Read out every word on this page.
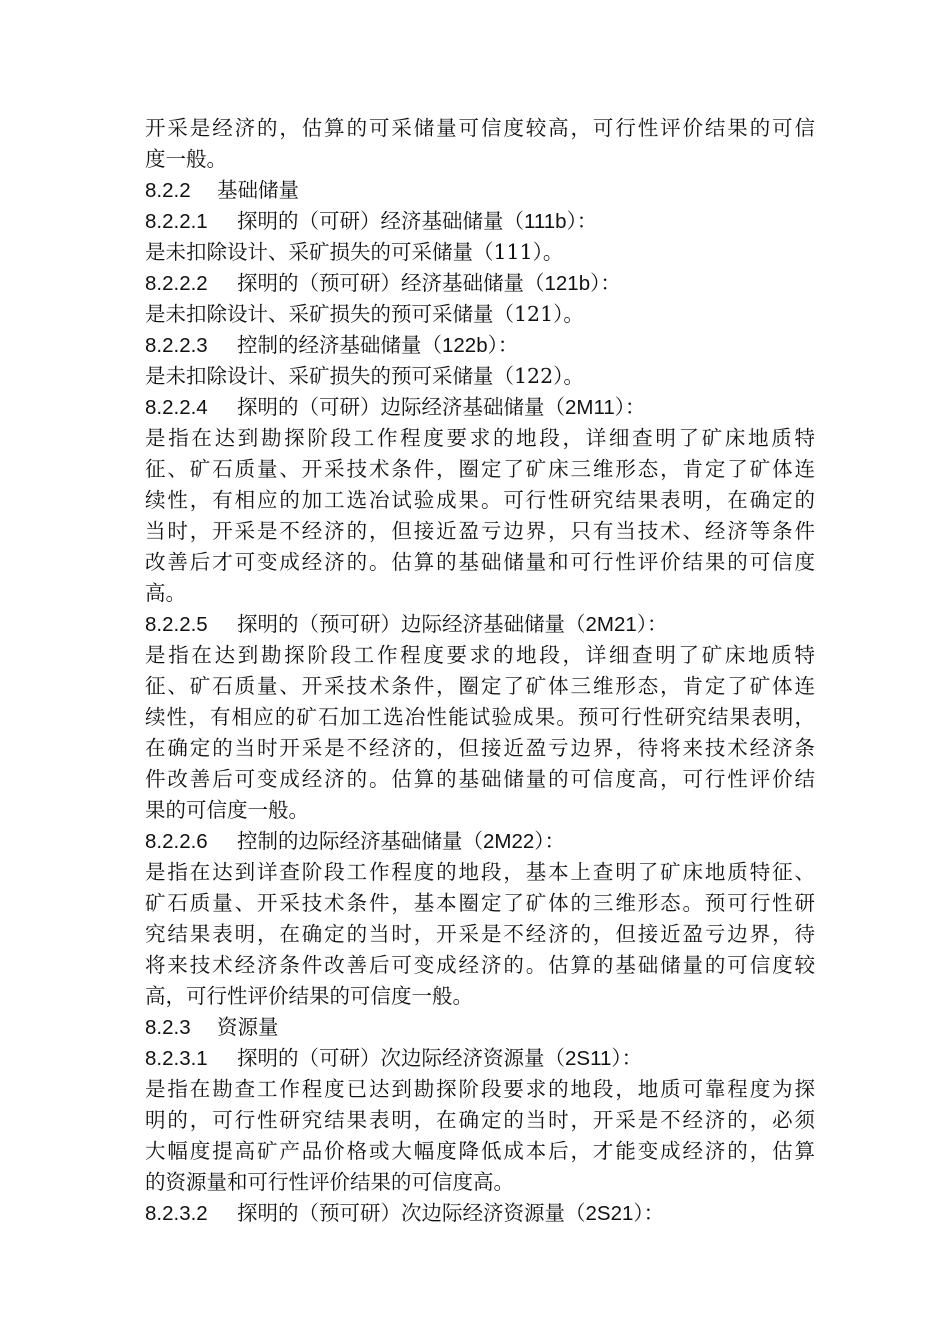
开采是经济的，估算的可采储量可信度较高，可行性评价结果的可信
度一般。
8.2.2 基础储量
8.2.2.1 探明的（可研）经济基础储量（111b）：
是未扣除设计、采矿损失的可采储量（111）。
8.2.2.2 探明的（预可研）经济基础储量（121b）：
是未扣除设计、采矿损失的预可采储量（121）。
8.2.2.3 控制的经济基础储量（122b）：
是未扣除设计、采矿损失的预可采储量（122）。
8.2.2.4 探明的（可研）边际经济基础储量（2M11）：
是指在达到勘探阶段工作程度要求的地段，详细查明了矿床地质特
征、矿石质量、开采技术条件，圈定了矿床三维形态，肯定了矿体连
续性，有相应的加工选冶试验成果。可行性研究结果表明，在确定的
当时，开采是不经济的，但接近盈亏边界，只有当技术、经济等条件
改善后才可变成经济的。估算的基础储量和可行性评价结果的可信度
高。
8.2.2.5 探明的（预可研）边际经济基础储量（2M21）：
是指在达到勘探阶段工作程度要求的地段，详细查明了矿床地质特
征、矿石质量、开采技术条件，圈定了矿体三维形态，肯定了矿体连
续性，有相应的矿石加工选冶性能试验成果。预可行性研究结果表明，
在确定的当时开采是不经济的，但接近盈亏边界，待将来技术经济条
件改善后可变成经济的。估算的基础储量的可信度高，可行性评价结
果的可信度一般。
8.2.2.6 控制的边际经济基础储量（2M22）：
是指在达到详查阶段工作程度的地段，基本上查明了矿床地质特征、
矿石质量、开采技术条件，基本圈定了矿体的三维形态。预可行性研
究结果表明，在确定的当时，开采是不经济的，但接近盈亏边界，待
将来技术经济条件改善后可变成经济的。估算的基础储量的可信度较
高，可行性评价结果的可信度一般。
8.2.3 资源量
8.2.3.1 探明的（可研）次边际经济资源量（2S11）：
是指在勘查工作程度已达到勘探阶段要求的地段，地质可靠程度为探
明的，可行性研究结果表明，在确定的当时，开采是不经济的，必须
大幅度提高矿产品价格或大幅度降低成本后，才能变成经济的，估算
的资源量和可行性评价结果的可信度高。
8.2.3.2 探明的（预可研）次边际经济资源量（2S21）：
